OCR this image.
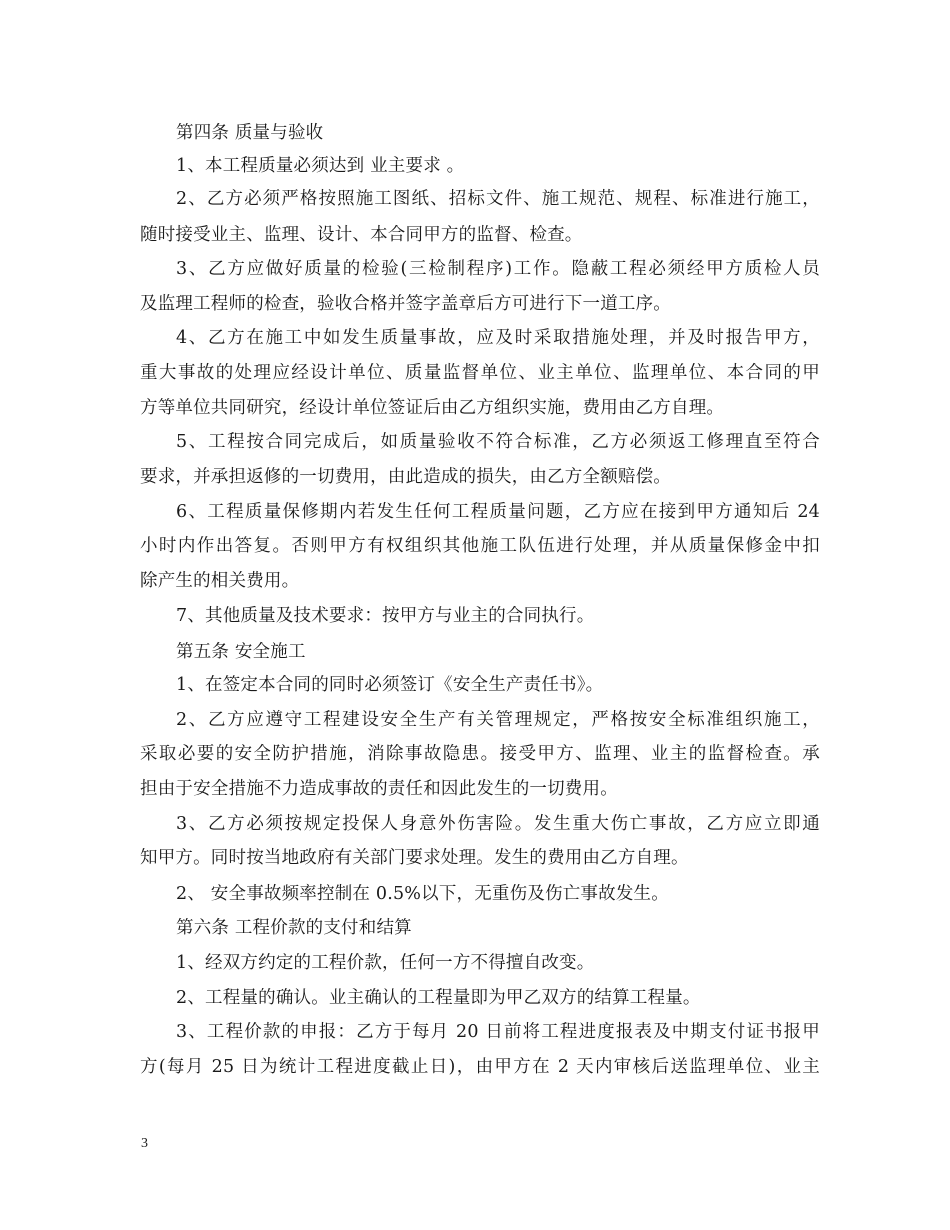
第四条 质量与验收
1、本工程质量必须达到 业主要求 。
2、乙方必须严格按照施工图纸、招标文件、施工规范、规程、标准进行施工，
随时接受业主、监理、设计、本合同甲方的监督、检查。
3、乙方应做好质量的检验(三检制程序)工作。隐蔽工程必须经甲方质检人员
及监理工程师的检查，验收合格并签字盖章后方可进行下一道工序。
4、乙方在施工中如发生质量事故，应及时采取措施处理，并及时报告甲方，
重大事故的处理应经设计单位、质量监督单位、业主单位、监理单位、本合同的甲
方等单位共同研究，经设计单位签证后由乙方组织实施，费用由乙方自理。
5、工程按合同完成后，如质量验收不符合标准，乙方必须返工修理直至符合
要求，并承担返修的一切费用，由此造成的损失，由乙方全额赔偿。
6、工程质量保修期内若发生任何工程质量问题，乙方应在接到甲方通知后 24
小时内作出答复。否则甲方有权组织其他施工队伍进行处理，并从质量保修金中扣
除产生的相关费用。
7、其他质量及技术要求：按甲方与业主的合同执行。
第五条 安全施工
1、在签定本合同的同时必须签订《安全生产责任书》。
2、乙方应遵守工程建设安全生产有关管理规定，严格按安全标准组织施工，
采取必要的安全防护措施，消除事故隐患。接受甲方、监理、业主的监督检查。承
担由于安全措施不力造成事故的责任和因此发生的一切费用。
3、乙方必须按规定投保人身意外伤害险。发生重大伤亡事故，乙方应立即通
知甲方。同时按当地政府有关部门要求处理。发生的费用由乙方自理。
2、 安全事故频率控制在 0.5%以下，无重伤及伤亡事故发生。
第六条 工程价款的支付和结算
1、经双方约定的工程价款，任何一方不得擅自改变。
2、工程量的确认。业主确认的工程量即为甲乙双方的结算工程量。
3、工程价款的申报：乙方于每月 20 日前将工程进度报表及中期支付证书报甲
方(每月 25 日为统计工程进度截止日)，由甲方在 2 天内审核后送监理单位、业主
3
